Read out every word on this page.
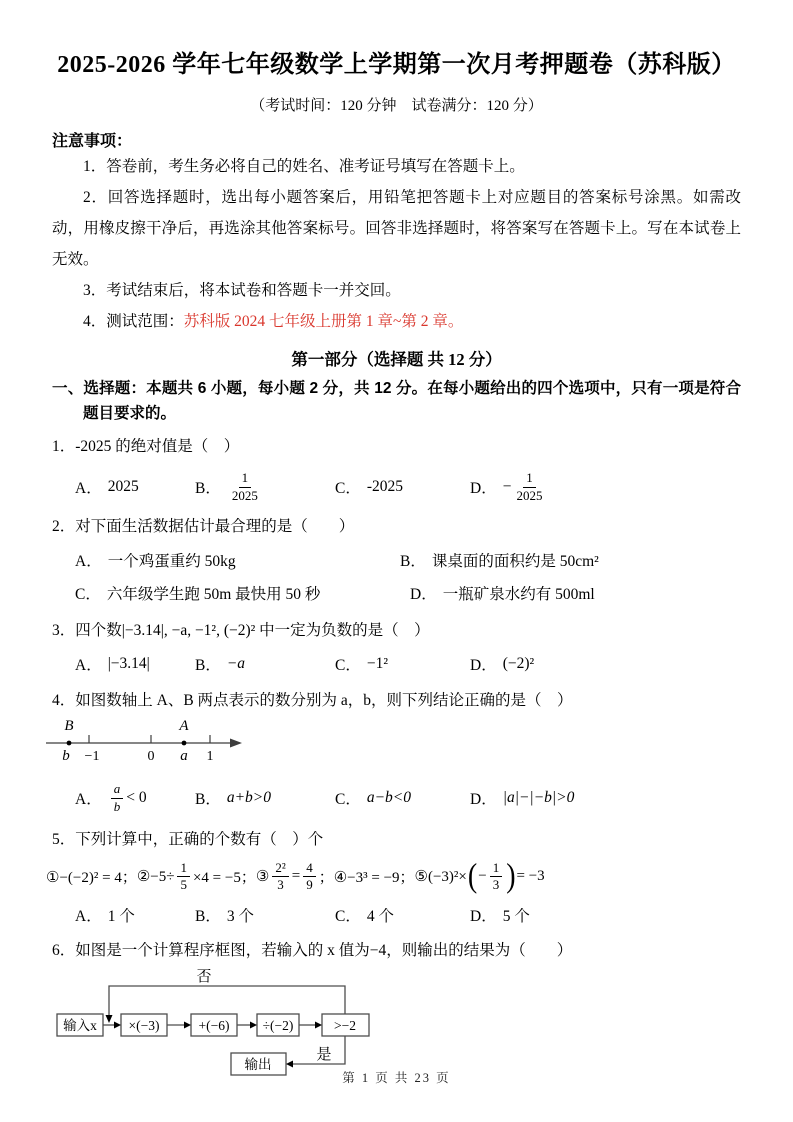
2025-2026 学年七年级数学上学期第一次月考押题卷（苏科版）
（考试时间：120 分钟　试卷满分：120 分）
注意事项：
1．答卷前，考生务必将自己的姓名、准考证号填写在答题卡上。
2．回答选择题时，选出每小题答案后，用铅笔把答题卡上对应题目的答案标号涂黑。如需改动，用橡皮擦干净后，再选涂其他答案标号。回答非选择题时，将答案写在答题卡上。写在本试卷上无效。
3．考试结束后，将本试卷和答题卡一并交回。
4．测试范围：苏科版 2024 七年级上册第 1 章~第 2 章。
第一部分（选择题 共 12 分）
一、选择题：本题共 6 小题，每小题 2 分，共 12 分。在每小题给出的四个选项中，只有一项是符合题目要求的。
1．-2025 的绝对值是（　）
A． 2025	B． $\frac{1}{2025}$	C． -2025	D． − $\frac{1}{2025}$
2．对下面生活数据估计最合理的是（　　）
A． 一个鸡蛋重约 50kg	B． 课桌面的面积约是 50cm²
C． 六年级学生跑 50m 最快用 50 秒	D． 一瓶矿泉水约有 500ml
3．四个数|−3.14|, −a, −1², (−2)² 中一定为负数的是（　）
A． |−3.14|	B． −a	C． −1²	D． (−2)²
4．如图数轴上 A、B 两点表示的数分别为 a，b，则下列结论正确的是（　）
B	A
b −1	0 a 1
A． $\frac{a}{b} < 0$	B． a+b>0	C． a−b<0	D． |a|−|−b|>0
5．下列计算中，正确的个数有（　）个
①−(−2)² = 4； ②−5÷ $\frac{1}{5} \times 4 = -5$； ③ $\frac{\text{2²}}{3} = \frac{4}{9}$ ； ④−3³ = −9； ⑤(−3)²× ( − $\frac{1}{3}$ ) = −3
A． 1 个	B． 3 个	C． 4 个	D． 5 个
6．如图是一个计算程序框图，若输入的 x 值为−4，则输出的结果为（　　）
否
输入x ×(−3)	+(−6) ÷(−2)	>−2
输出
是
第 1 页 共 23 页
